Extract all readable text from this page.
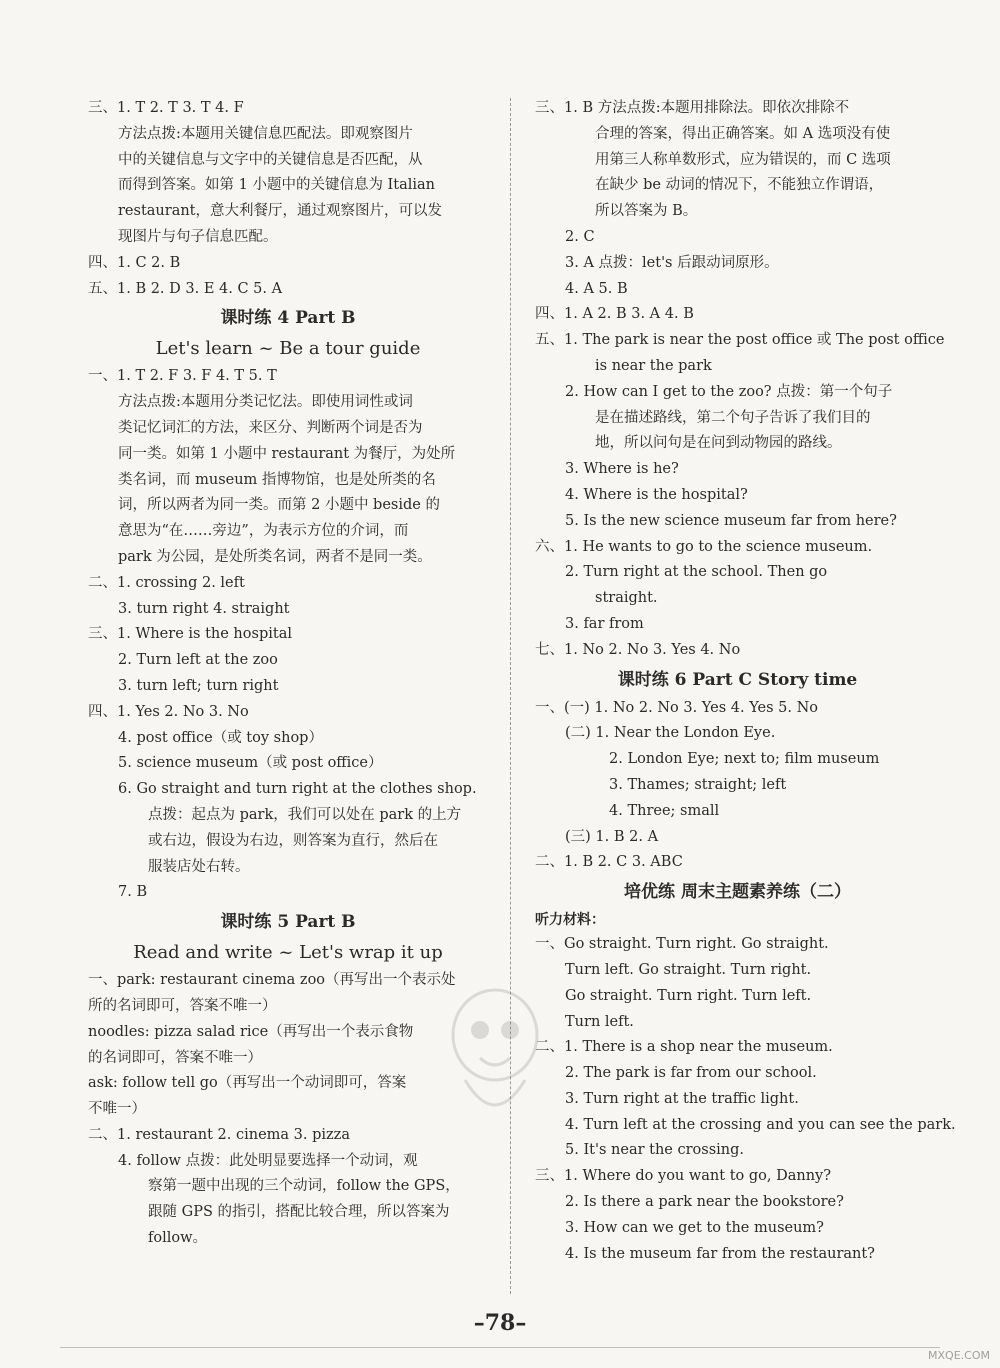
三、1. T 2. T 3. T 4. F
方法点拨:本题用关键信息匹配法。即观察图片
中的关键信息与文字中的关键信息是否匹配，从
而得到答案。如第 1 小题中的关键信息为 Italian
restaurant，意大利餐厅，通过观察图片，可以发
现图片与句子信息匹配。
四、1. C 2. B
五、1. B 2. D 3. E 4. C 5. A
课时练 4 Part B
Let's learn ~ Be a tour guide
一、1. T 2. F 3. F 4. T 5. T
方法点拨:本题用分类记忆法。即使用词性或词
类记忆词汇的方法，来区分、判断两个词是否为
同一类。如第 1 小题中 restaurant 为餐厅，为处所
类名词，而 museum 指博物馆，也是处所类的名
词，所以两者为同一类。而第 2 小题中 beside 的
意思为“在……旁边”，为表示方位的介词，而
park 为公园，是处所类名词，两者不是同一类。
二、1. crossing 2. left
3. turn right 4. straight
三、1. Where is the hospital
2. Turn left at the zoo
3. turn left; turn right
四、1. Yes 2. No 3. No
4. post office（或 toy shop）
5. science museum（或 post office）
6. Go straight and turn right at the clothes shop.
点拨：起点为 park，我们可以处在 park 的上方
或右边，假设为右边，则答案为直行，然后在
服装店处右转。
7. B
课时练 5 Part B
Read and write ~ Let's wrap it up
一、park: restaurant cinema zoo（再写出一个表示处
所的名词即可，答案不唯一）
noodles: pizza salad rice（再写出一个表示食物
的名词即可，答案不唯一）
ask: follow tell go（再写出一个动词即可，答案
不唯一）
二、1. restaurant 2. cinema 3. pizza
4. follow 点拨：此处明显要选择一个动词，观
察第一题中出现的三个动词，follow the GPS，
跟随 GPS 的指引，搭配比较合理，所以答案为
follow。
三、1. B 方法点拨:本题用排除法。即依次排除不
合理的答案，得出正确答案。如 A 选项没有使
用第三人称单数形式，应为错误的，而 C 选项
在缺少 be 动词的情况下，不能独立作谓语，
所以答案为 B。
2. C
3. A 点拨：let's 后跟动词原形。
4. A 5. B
四、1. A 2. B 3. A 4. B
五、1. The park is near the post office 或 The post office
is near the park
2. How can I get to the zoo? 点拨：第一个句子
是在描述路线，第二个句子告诉了我们目的
地，所以问句是在问到动物园的路线。
3. Where is he?
4. Where is the hospital?
5. Is the new science museum far from here?
六、1. He wants to go to the science museum.
2. Turn right at the school. Then go
straight.
3. far from
七、1. No 2. No 3. Yes 4. No
课时练 6 Part C Story time
一、(一) 1. No 2. No 3. Yes 4. Yes 5. No
(二) 1. Near the London Eye.
2. London Eye; next to; film museum
3. Thames; straight; left
4. Three; small
(三) 1. B 2. A
二、1. B 2. C 3. ABC
培优练 周末主题素养练（二）
听力材料：
一、Go straight. Turn right. Go straight.
Turn left. Go straight. Turn right.
Go straight. Turn right. Turn left.
Turn left.
二、1. There is a shop near the museum.
2. The park is far from our school.
3. Turn right at the traffic light.
4. Turn left at the crossing and you can see the park.
5. It's near the crossing.
三、1. Where do you want to go, Danny?
2. Is there a park near the bookstore?
3. How can we get to the museum?
4. Is the museum far from the restaurant?
–78–
MXQE.COM
